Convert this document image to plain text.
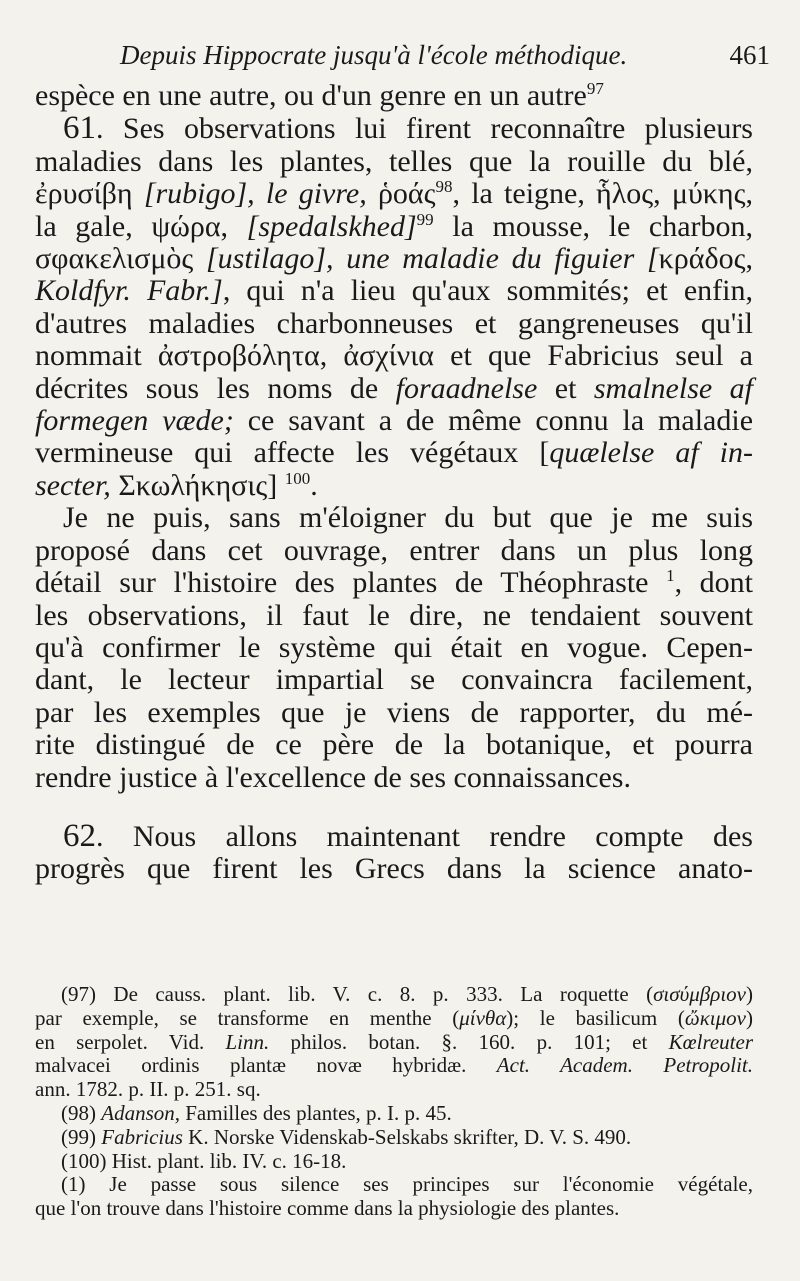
Depuis Hippocrate jusqu'à l'école méthodique.	461
espèce en une autre, ou d'un genre en un autre$^{97}$
61. Ses observations lui firent reconnaître plusieurs
maladies dans les plantes, telles que la rouille du blé,
ἐρυσίβη [rubigo], le givre, ῥοάς$^{98}$, la teigne, ἧλος, μύκης,
la gale, ψώρα, [spedalskhed]$^{99}$ la mousse, le charbon,
σφακελισμὸς [ustilago], une maladie du figuier [κράδος,
Koldfyr. Fabr.], qui n'a lieu qu'aux sommités; et enfin,
d'autres maladies charbonneuses et gangreneuses qu'il
nommait ἀστροβόλητα, ἀσχίνια et que Fabricius seul a
décrites sous les noms de foraadnelse et smalnelse af
formegen væde; ce savant a de même connu la maladie
vermineuse qui affecte les végétaux [quælelse af in-
secter, Σκωλήκησις] $^{100}$.
Je ne puis, sans m'éloigner du but que je me suis
proposé dans cet ouvrage, entrer dans un plus long
détail sur l'histoire des plantes de Théophraste $^1$, dont
les observations, il faut le dire, ne tendaient souvent
qu'à confirmer le système qui était en vogue. Cepen-
dant, le lecteur impartial se convaincra facilement,
par les exemples que je viens de rapporter, du mé-
rite distingué de ce père de la botanique, et pourra
rendre justice à l'excellence de ses connaissances.
62. Nous allons maintenant rendre compte des
progrès que firent les Grecs dans la science anato-
(97) De causs. plant. lib. V. c. 8. p. 333. La roquette (σισύμβριον)
par exemple, se transforme en menthe (μίνθα); le basilicum (ὤκιμον)
en serpolet. Vid. Linn. philos. botan. §. 160. p. 101; et Kœlreuter
malvacei ordinis plantæ novæ hybridæ. Act. Academ. Petropolit.
ann. 1782. p. II. p. 251. sq.
(98) Adanson, Familles des plantes, p. I. p. 45.
(99) Fabricius K. Norske Videnskab-Selskabs skrifter, D. V. S. 490.
(100) Hist. plant. lib. IV. c. 16-18.
(1) Je passe sous silence ses principes sur l'économie végétale,
que l'on trouve dans l'histoire comme dans la physiologie des plantes.
